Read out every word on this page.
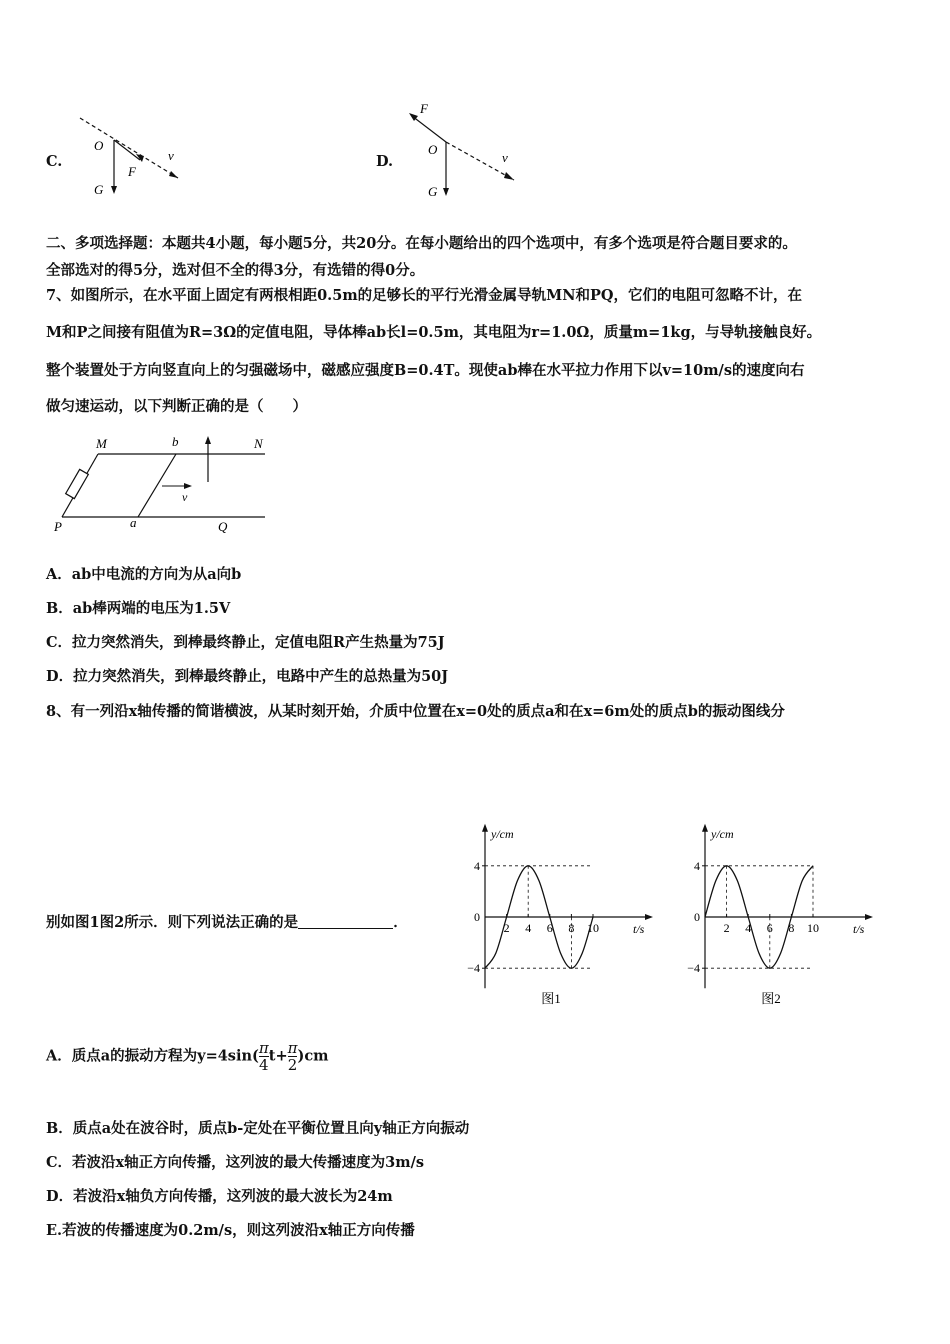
C.
O
G
F
v	D.
F
O
G
v
二、多项选择题：本题共4小题，每小题5分，共20分。在每小题给出的四个选项中，有多个选项是符合题目要求的。
全部选对的得5分，选对但不全的得3分，有选错的得0分。
7、如图所示，在水平面上固定有两根相距0.5m的足够长的平行光滑金属导轨MN和PQ，它们的电阻可忽略不计，在
M和P之间接有阻值为R=3Ω的定值电阻，导体棒ab长l=0.5m，其电阻为r=1.0Ω，质量m=1kg，与导轨接触良好。
整个装置处于方向竖直向上的匀强磁场中，磁感应强度B=0.4T。现使ab棒在水平拉力作用下以v=10m/s的速度向右
做匀速运动，以下判断正确的是（　　）
M	b	N
P	a	Q
v
A．ab中电流的方向为从a向b
B．ab棒两端的电压为1.5V
C．拉力突然消失，到棒最终静止，定值电阻R产生热量为75J
D．拉力突然消失，到棒最终静止，电路中产生的总热量为50J
8、有一列沿x轴传播的简谐横波，从某时刻开始，介质中位置在x=0处的质点a和在x=6m处的质点b的振动图线分
别如图1图2所示．则下列说法正确的是	．
y/cm
t/s
4
0
−4
2 4 6 8 10
图1
y/cm
t/s
4
0
−4
2 4 6 8 10
图2
A．质点a的振动方程为$y=4\sin( \frac{\pi}{4} t+ \frac{\pi}{2} )cm$
B．质点a处在波谷时，质点b-定处在平衡位置且向y轴正方向振动
C．若波沿x轴正方向传播，这列波的最大传播速度为3m/s
D．若波沿x轴负方向传播，这列波的最大波长为24m
E.若波的传播速度为0.2m/s，则这列波沿x轴正方向传播
